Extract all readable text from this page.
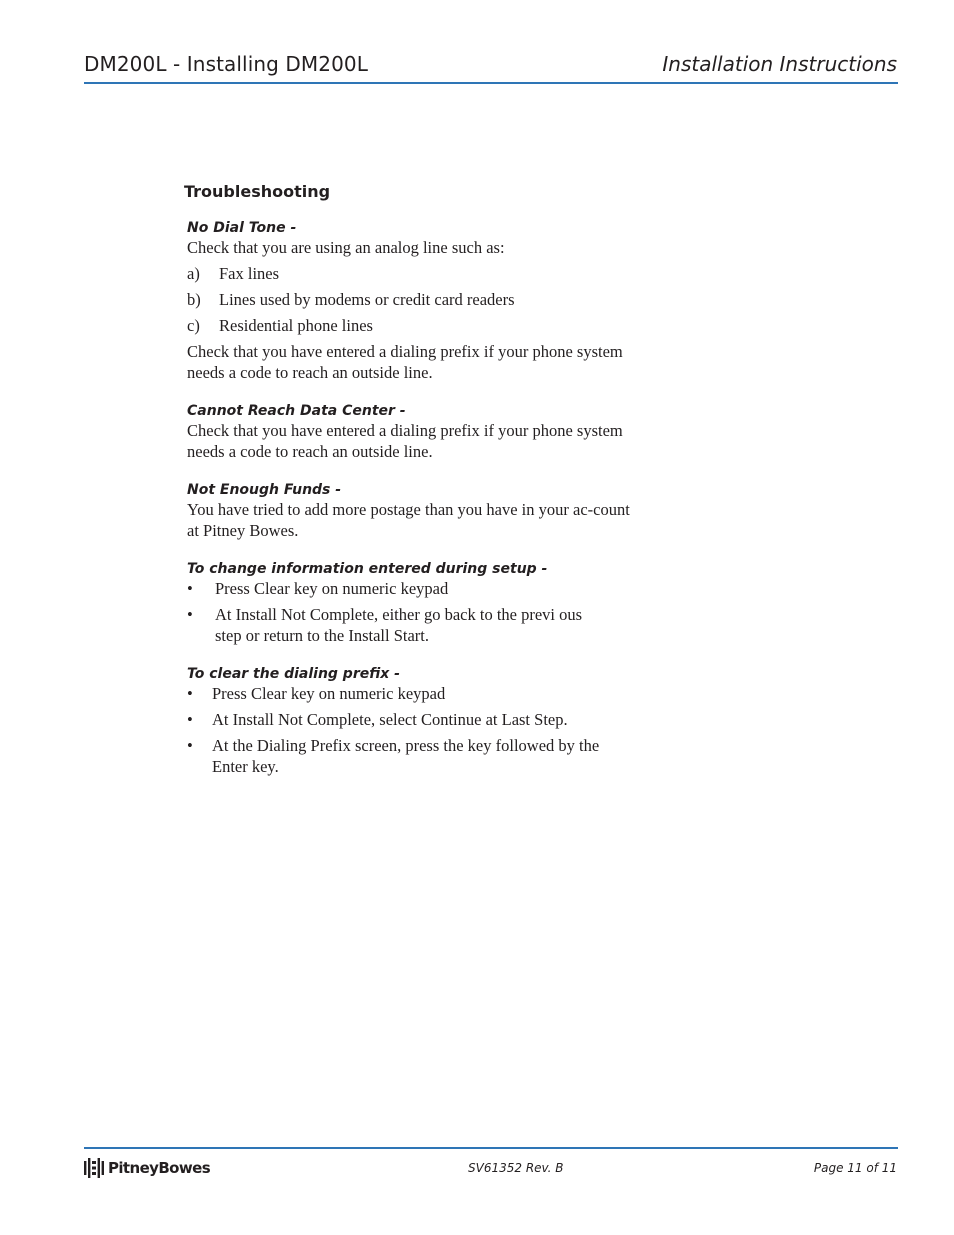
DM200L - Installing DM200L	Installation Instructions
Troubleshooting
No Dial Tone -
Check that you are using an analog line such as:
a)	Fax lines
b)	Lines used by modems or credit card readers
c)	Residential phone lines
Check that you have entered a dialing prefix if your phone system needs a code to reach an outside line.
Cannot Reach Data Center -
Check that you have entered a dialing prefix if your phone system needs a code to reach an outside line.
Not Enough Funds -
You have tried to add more postage than you have in your ac-count at Pitney Bowes.
To change information entered during setup -
•	Press Clear key on numeric keypad
•	At Install Not Complete, either go back to the previ ous step or return to the Install Start.
To clear the dialing prefix -
•	Press Clear key on numeric keypad
•	At Install Not Complete, select Continue at Last Step.
•	At the Dialing Prefix screen, press the key followed by the Enter key.
PitneyBowes	SV61352 Rev. B	Page 11 of 11
